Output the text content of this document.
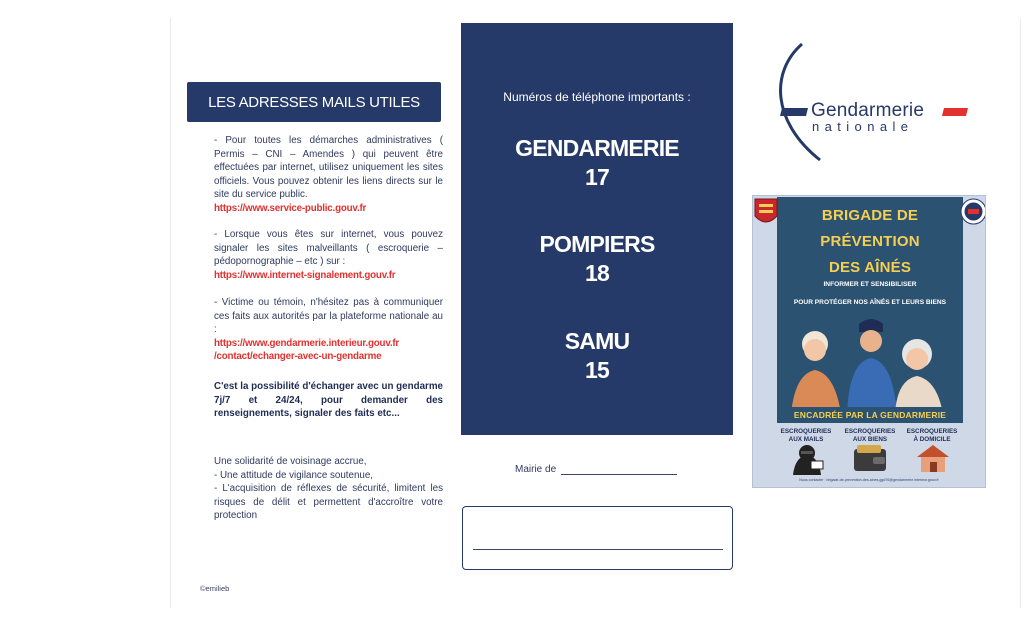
LES ADRESSES MAILS UTILES

- Pour toutes les démarches administratives ( Permis – CNI – Amendes ) qui peuvent être effectuées par internet, utilisez uniquement les sites officiels. Vous pouvez obtenir les liens directs sur le site du service public.

https://www.service-public.gouv.fr

- Lorsque vous êtes sur internet, vous pouvez signaler les sites malveillants ( escroquerie – pédopornographie – etc ) sur :

https://www.internet-signalement.gouv.fr

- Victime ou témoin, n'hésitez pas à communiquer ces faits aux autorités par la plateforme nationale au :

https://www.gendarmerie.interieur.gouv.fr
/contact/echanger-avec-un-gendarme

C'est la possibilité d'échanger avec un gendarme 7j/7 et 24/24, pour demander des renseignements, signaler des faits etc...

Une solidarité de voisinage accrue,
- Une attitude de vigilance soutenue,

- L'acquisition de réflexes de sécurité, limitent les risques de délit et permettent d'accroître votre protection

©emilieb
Numéros de téléphone importants :
GENDARMERIE
17
POMPIERS
18
SAMU
15
Mairie de
Gendarmerie
nationale
BRIGADE DE
PRÉVENTION
DES AÎNÉS
INFORMER ET SENSIBILISER
POUR PROTÉGER NOS AÎNÉS ET LEURS BIENS
ENCADRÉE PAR LA GENDARMERIE
ESCROQUERIES
AUX MAILS
ESCROQUERIES
AUX BIENS
ESCROQUERIES
À DOMICILE
Nous contacter : brigade-de-prevention-des-aines.ggd76@gendarmerie.interieur.gouv.fr
